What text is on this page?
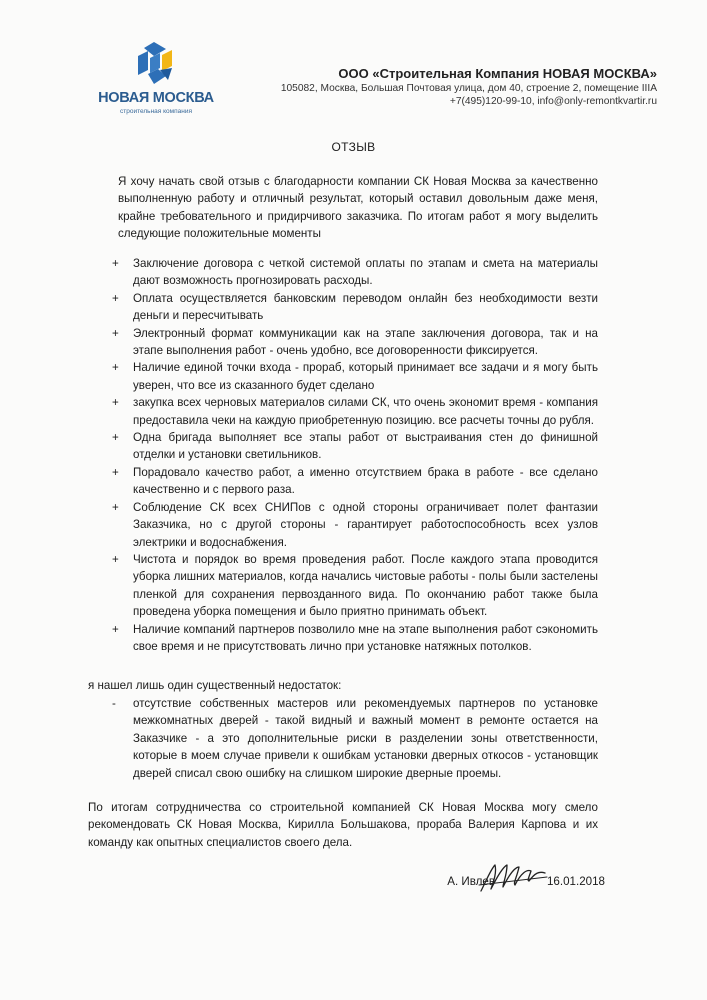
НОВАЯ МОСКВА
строительная компания
ООО «Строительная Компания НОВАЯ МОСКВА»
105082, Москва, Большая Почтовая улица, дом 40, строение 2, помещение IIIA
+7(495)120-99-10, info@only-remontkvartir.ru
ОТЗЫВ
Я хочу начать свой отзыв с благодарности компании СК Новая Москва за качественно выполненную работу и отличный результат, который оставил довольным даже меня, крайне требовательного и придирчивого заказчика. По итогам работ я могу выделить следующие положительные моменты
+	Заключение договора с четкой системой оплаты по этапам и смета на материалы дают возможность прогнозировать расходы.
+	Оплата осуществляется банковским переводом онлайн без необходимости везти деньги и пересчитывать
+	Электронный формат коммуникации как на этапе заключения договора, так и на этапе выполнения работ - очень удобно, все договоренности фиксируется.
+	Наличие единой точки входа - прораб, который принимает все задачи и я могу быть уверен, что все из сказанного будет сделано
+	закупка всех черновых материалов силами СК, что очень экономит время - компания предоставила чеки на каждую приобретенную позицию. все расчеты точны до рубля.
+	Одна бригада выполняет все этапы работ от выстраивания стен до финишной отделки и установки светильников.
+	Порадовало качество работ, а именно отсутствием брака в работе - все сделано качественно и с первого раза.
+	Соблюдение СК всех СНИПов с одной стороны ограничивает полет фантазии Заказчика, но с другой стороны - гарантирует работоспособность всех узлов электрики и водоснабжения.
+	Чистота и порядок во время проведения работ. После каждого этапа проводится уборка лишних материалов, когда начались чистовые работы - полы были застелены пленкой для сохранения первозданного вида. По окончанию работ также была проведена уборка помещения и было приятно принимать объект.
+	Наличие компаний партнеров позволило мне на этапе выполнения работ сэкономить свое время и не присутствовать лично при установке натяжных потолков.
я нашел лишь один существенный недостаток:
-	отсутствие собственных мастеров или рекомендуемых партнеров по установке межкомнатных дверей - такой видный и важный момент в ремонте остается на Заказчике - а это дополнительные риски в разделении зоны ответственности, которые в моем случае привели к ошибкам установки дверных откосов - установщик дверей списал свою ошибку на слишком широкие дверные проемы.
По итогам сотрудничества со строительной компанией СК Новая Москва могу смело рекомендовать СК Новая Москва, Кирилла Большакова, прораба Валерия Карпова и их команду как опытных специалистов своего дела.
А. Ивлев	16.01.2018
